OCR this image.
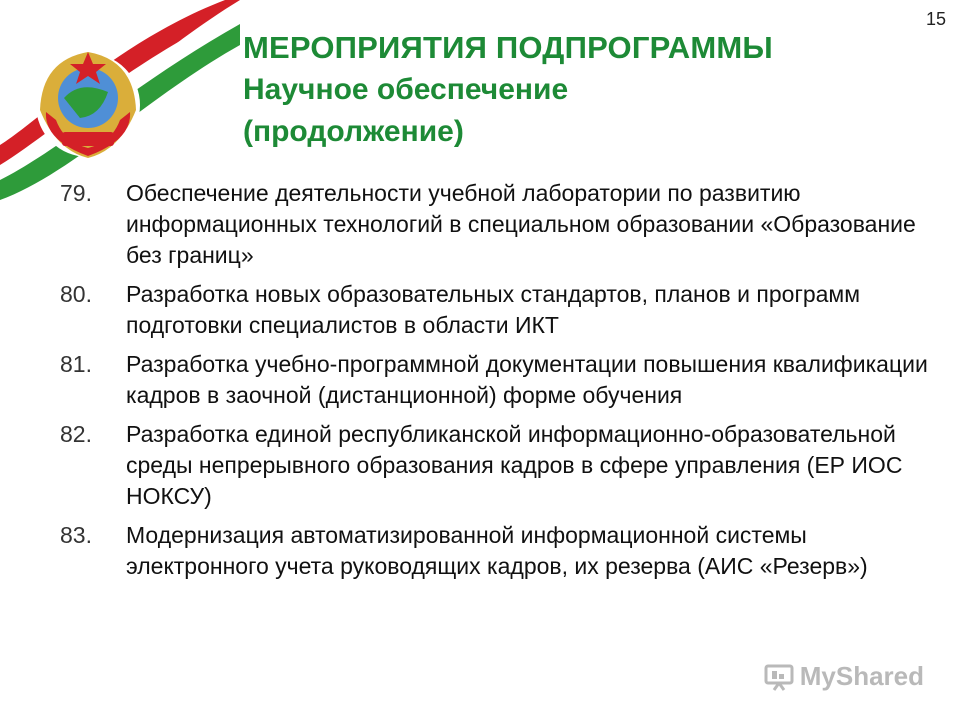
15
МЕРОПРИЯТИЯ ПОДПРОГРАММЫ
Научное обеспечение
(продолжение)
79.	Обеспечение деятельности учебной лаборатории по развитию информационных технологий в специальном образовании «Образование без границ»
80.	Разработка новых образовательных стандартов, планов и программ подготовки специалистов в области ИКТ
81.	Разработка учебно-программной документации повышения квалификации кадров в заочной (дистанционной) форме обучения
82.	Разработка единой республиканской информационно-образовательной среды непрерывного образования кадров в сфере управления (ЕР ИОС НОКСУ)
83.	Модернизация автоматизированной информационной системы электронного учета руководящих кадров, их резерва (АИС «Резерв»)
MyShared
